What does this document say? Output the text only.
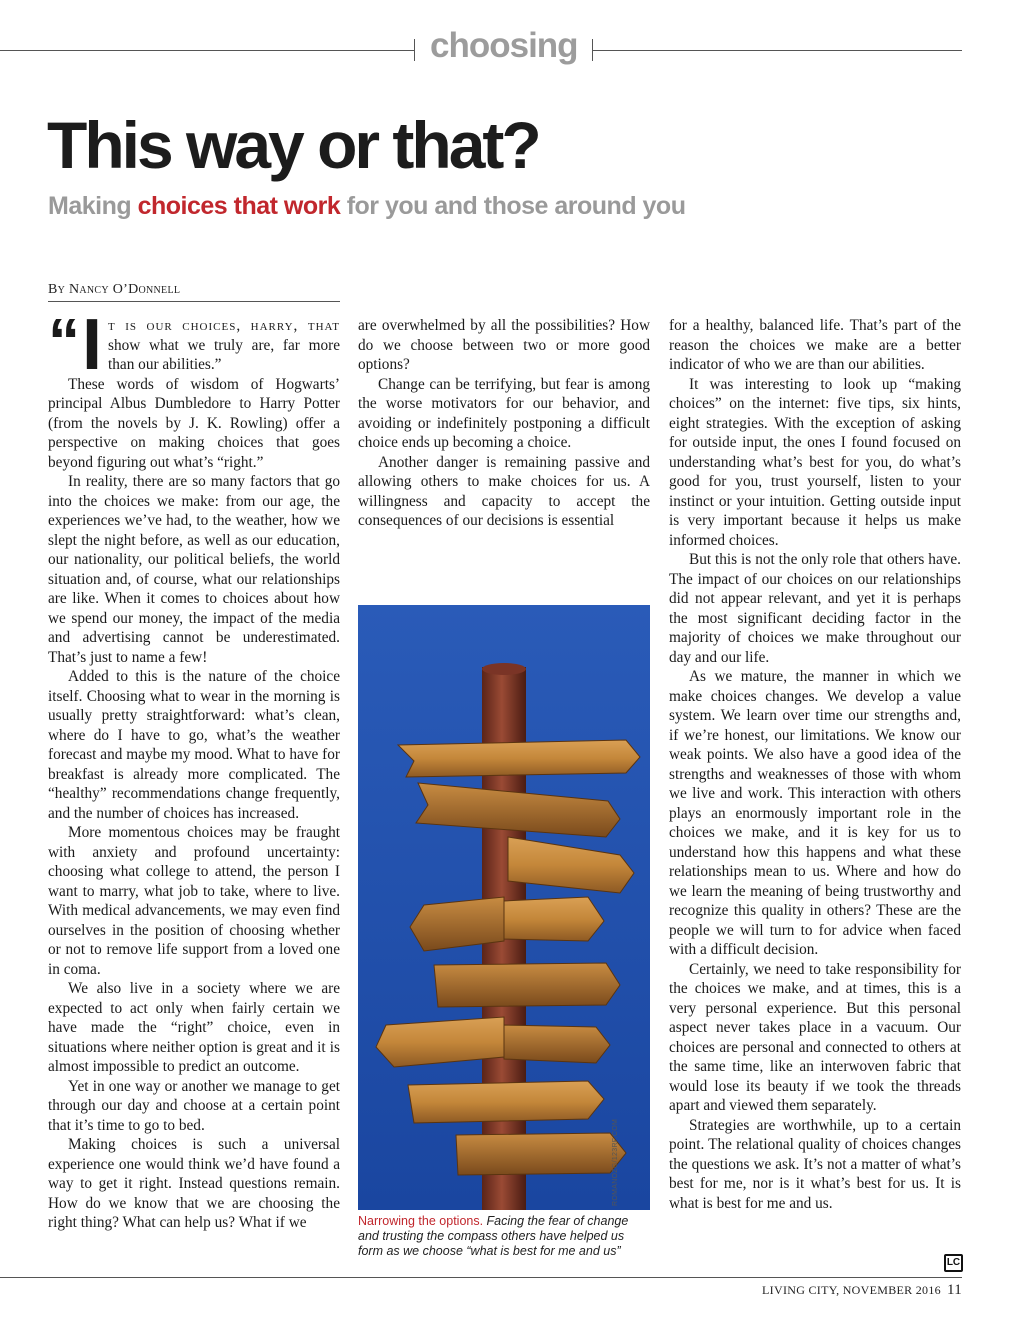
choosing
This way or that?
Making choices that work for you and those around you
By Nancy O’Donnell

“ I t is our choices, harry, that show what we truly are, far more than our abilities.”

These words of wisdom of Hogwarts’ principal Albus Dumbledore to Harry Potter (from the novels by J. K. Rowling) offer a perspective on making choices that goes beyond figuring out what’s “right.”

In reality, there are so many factors that go into the choices we make: from our age, the experiences we’ve had, to the weather, how we slept the night before, as well as our education, our nationality, our political beliefs, the world situation and, of course, what our relationships are like. When it comes to choices about how we spend our money, the impact of the media and advertising cannot be underestimated. That’s just to name a few!

Added to this is the nature of the choice itself. Choosing what to wear in the morning is usually pretty straightforward: what’s clean, where do I have to go, what’s the weather forecast and maybe my mood. What to have for breakfast is already more complicated. The “healthy” recommendations change frequently, and the number of choices has increased.

More momentous choices may be fraught with anxiety and profound uncertainty: choosing what college to attend, the person I want to marry, what job to take, where to live. With medical advancements, we may even find ourselves in the position of choosing whether or not to remove life support from a loved one in coma.

We also live in a society where we are expected to act only when fairly certain we have made the “right” choice, even in situations where neither option is great and it is almost impossible to predict an outcome.

Yet in one way or another we manage to get through our day and choose at a certain point that it’s time to go to bed.

Making choices is such a universal experience one would think we’d have found a way to get it right. Instead questions remain. How do we know that we are choosing the right thing? What can help us? What if we

are overwhelmed by all the possibilities? How do we choose between two or more good options?

Change can be terrifying, but fear is among the worse motivators for our behavior, and avoiding or indefinitely postponing a difficult choice ends up becoming a choice.

Another danger is remaining passive and allowing others to make choices for us. A willingness and capacity to accept the consequences of our decisions is essential

ROMANOZG/123RF.COM
Narrowing the options. Facing the fear of change and trusting the compass others have helped us form as we choose “what is best for me and us”

for a healthy, balanced life. That’s part of the reason the choices we make are a better indicator of who we are than our abilities.

It was interesting to look up “making choices” on the internet: five tips, six hints, eight strategies. With the exception of asking for outside input, the ones I found focused on understanding what’s best for you, do what’s good for you, trust yourself, listen to your instinct or your intuition. Getting outside input is very important because it helps us make informed choices.

But this is not the only role that others have. The impact of our choices on our relationships did not appear relevant, and yet it is perhaps the most significant deciding factor in the majority of choices we make throughout our day and our life.

As we mature, the manner in which we make choices changes. We develop a value system. We learn over time our strengths and, if we’re honest, our limitations. We know our weak points. We also have a good idea of the strengths and weaknesses of those with whom we live and work. This interaction with others plays an enormously important role in the choices we make, and it is key for us to understand how this happens and what these relationships mean to us. Where and how do we learn the meaning of being trustworthy and recognize this quality in others? These are the people we will turn to for advice when faced with a difficult decision.

Certainly, we need to take responsibility for the choices we make, and at times, this is a very personal experience. But this personal aspect never takes place in a vacuum. Our choices are personal and connected to others at the same time, like an interwoven fabric that would lose its beauty if we took the threads apart and viewed them separately.

Strategies are worthwhile, up to a certain point. The relational quality of choices changes the questions we ask. It’s not a matter of what’s best for me, nor is it what’s best for us. It is what is best for me and us.

LC
LIVING CITY, NOVEMBER 2016 11
